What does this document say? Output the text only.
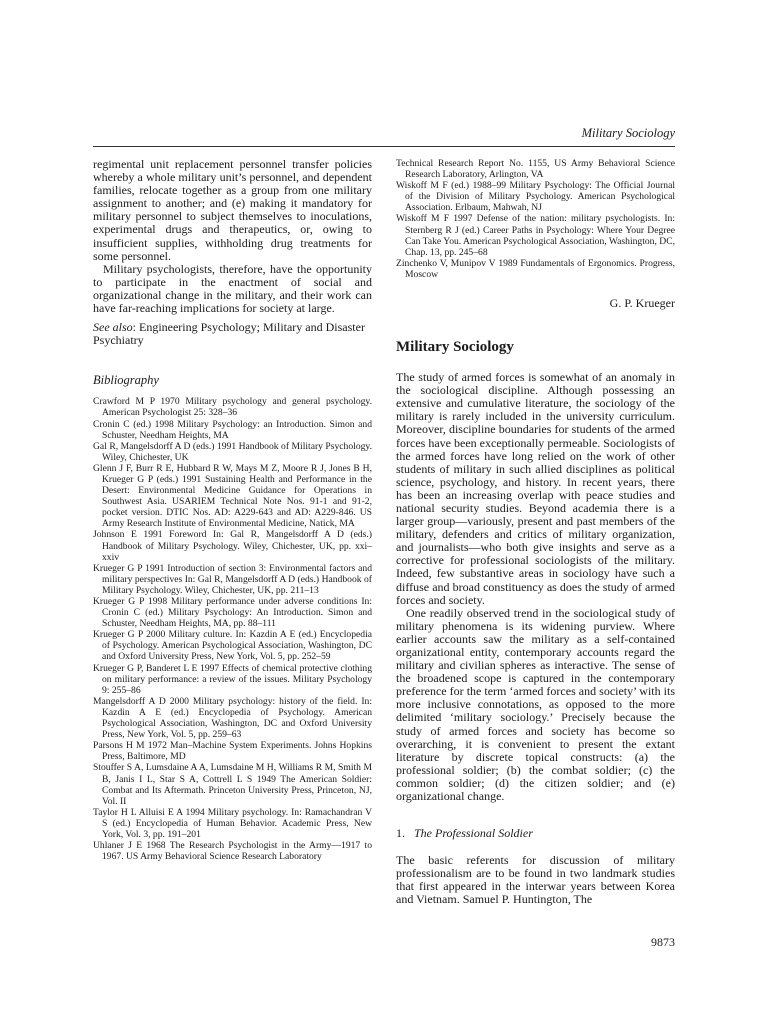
Military Sociology

regimental unit replacement personnel transfer policies whereby a whole military unit’s personnel, and dependent families, relocate together as a group from one military assignment to another; and (e) making it mandatory for military personnel to subject themselves to inoculations, experimental drugs and therapeutics, or, owing to insufficient supplies, withholding drug treatments for some personnel.

Military psychologists, therefore, have the opportunity to participate in the enactment of social and organizational change in the military, and their work can have far-reaching implications for society at large.

See also: Engineering Psychology; Military and Disaster Psychiatry

Bibliography
Crawford M P 1970 Military psychology and general psychology. American Psychologist 25: 328–36
Cronin C (ed.) 1998 Military Psychology: an Introduction. Simon and Schuster, Needham Heights, MA
Gal R, Mangelsdorff A D (eds.) 1991 Handbook of Military Psychology. Wiley, Chichester, UK
Glenn J F, Burr R E, Hubbard R W, Mays M Z, Moore R J, Jones B H, Krueger G P (eds.) 1991 Sustaining Health and Performance in the Desert: Environmental Medicine Guidance for Operations in Southwest Asia. USARIEM Technical Note Nos. 91-1 and 91-2, pocket version. DTIC Nos. AD: A229-643 and AD: A229-846. US Army Research Institute of Environmental Medicine, Natick, MA
Johnson E 1991 Foreword In: Gal R, Mangelsdorff A D (eds.) Handbook of Military Psychology. Wiley, Chichester, UK, pp. xxi–xxiv
Krueger G P 1991 Introduction of section 3: Environmental factors and military perspectives In: Gal R, Mangelsdorff A D (eds.) Handbook of Military Psychology. Wiley, Chichester, UK, pp. 211–13
Krueger G P 1998 Military performance under adverse conditions In: Cronin C (ed.) Military Psychology: An Introduction. Simon and Schuster, Needham Heights, MA, pp. 88–111
Krueger G P 2000 Military culture. In: Kazdin A E (ed.) Encyclopedia of Psychology. American Psychological Association, Washington, DC and Oxford University Press, New York, Vol. 5, pp. 252–59
Krueger G P, Banderet L E 1997 Effects of chemical protective clothing on military performance: a review of the issues. Military Psychology 9: 255–86
Mangelsdorff A D 2000 Military psychology: history of the field. In: Kazdin A E (ed.) Encyclopedia of Psychology. American Psychological Association, Washington, DC and Oxford University Press, New York, Vol. 5, pp. 259–63
Parsons H M 1972 Man–Machine System Experiments. Johns Hopkins Press, Baltimore, MD
Stouffer S A, Lumsdaine A A, Lumsdaine M H, Williams R M, Smith M B, Janis I L, Star S A, Cottrell L S 1949 The American Soldier: Combat and Its Aftermath. Princeton University Press, Princeton, NJ, Vol. II
Taylor H L Alluisi E A 1994 Military psychology. In: Ramachandran V S (ed.) Encyclopedia of Human Behavior. Academic Press, New York, Vol. 3, pp. 191–201
Uhlaner J E 1968 The Research Psychologist in the Army—1917 to 1967. US Army Behavioral Science Research Laboratory
Technical Research Report No. 1155, US Army Behavioral Science Research Laboratory, Arlington, VA
Wiskoff M F (ed.) 1988–99 Military Psychology: The Official Journal of the Division of Military Psychology. American Psychological Association. Erlbaum, Mahwah, NJ
Wiskoff M F 1997 Defense of the nation: military psychologists. In: Sternberg R J (ed.) Career Paths in Psychology: Where Your Degree Can Take You. American Psychological Association, Washington, DC, Chap. 13, pp. 245–68
Zinchenko V, Munipov V 1989 Fundamentals of Ergonomics. Progress, Moscow
G. P. Krueger
Military Sociology

The study of armed forces is somewhat of an anomaly in the sociological discipline. Although possessing an extensive and cumulative literature, the sociology of the military is rarely included in the university curriculum. Moreover, discipline boundaries for students of the armed forces have been exceptionally permeable. Sociologists of the armed forces have long relied on the work of other students of military in such allied disciplines as political science, psychology, and history. In recent years, there has been an increasing overlap with peace studies and national security studies. Beyond academia there is a larger group—variously, present and past members of the military, defenders and critics of military organization, and journalists—who both give insights and serve as a corrective for professional sociologists of the military. Indeed, few substantive areas in sociology have such a diffuse and broad constituency as does the study of armed forces and society.

One readily observed trend in the sociological study of military phenomena is its widening purview. Where earlier accounts saw the military as a self-contained organizational entity, contemporary accounts regard the military and civilian spheres as interactive. The sense of the broadened scope is captured in the contemporary preference for the term ‘armed forces and society’ with its more inclusive connotations, as opposed to the more delimited ‘military sociology.’ Precisely because the study of armed forces and society has become so overarching, it is convenient to present the extant literature by discrete topical constructs: (a) the professional soldier; (b) the combat soldier; (c) the common soldier; (d) the citizen soldier; and (e) organizational change.

1. The Professional Soldier

The basic referents for discussion of military professionalism are to be found in two landmark studies that first appeared in the interwar years between Korea and Vietnam. Samuel P. Huntington, The

9873
